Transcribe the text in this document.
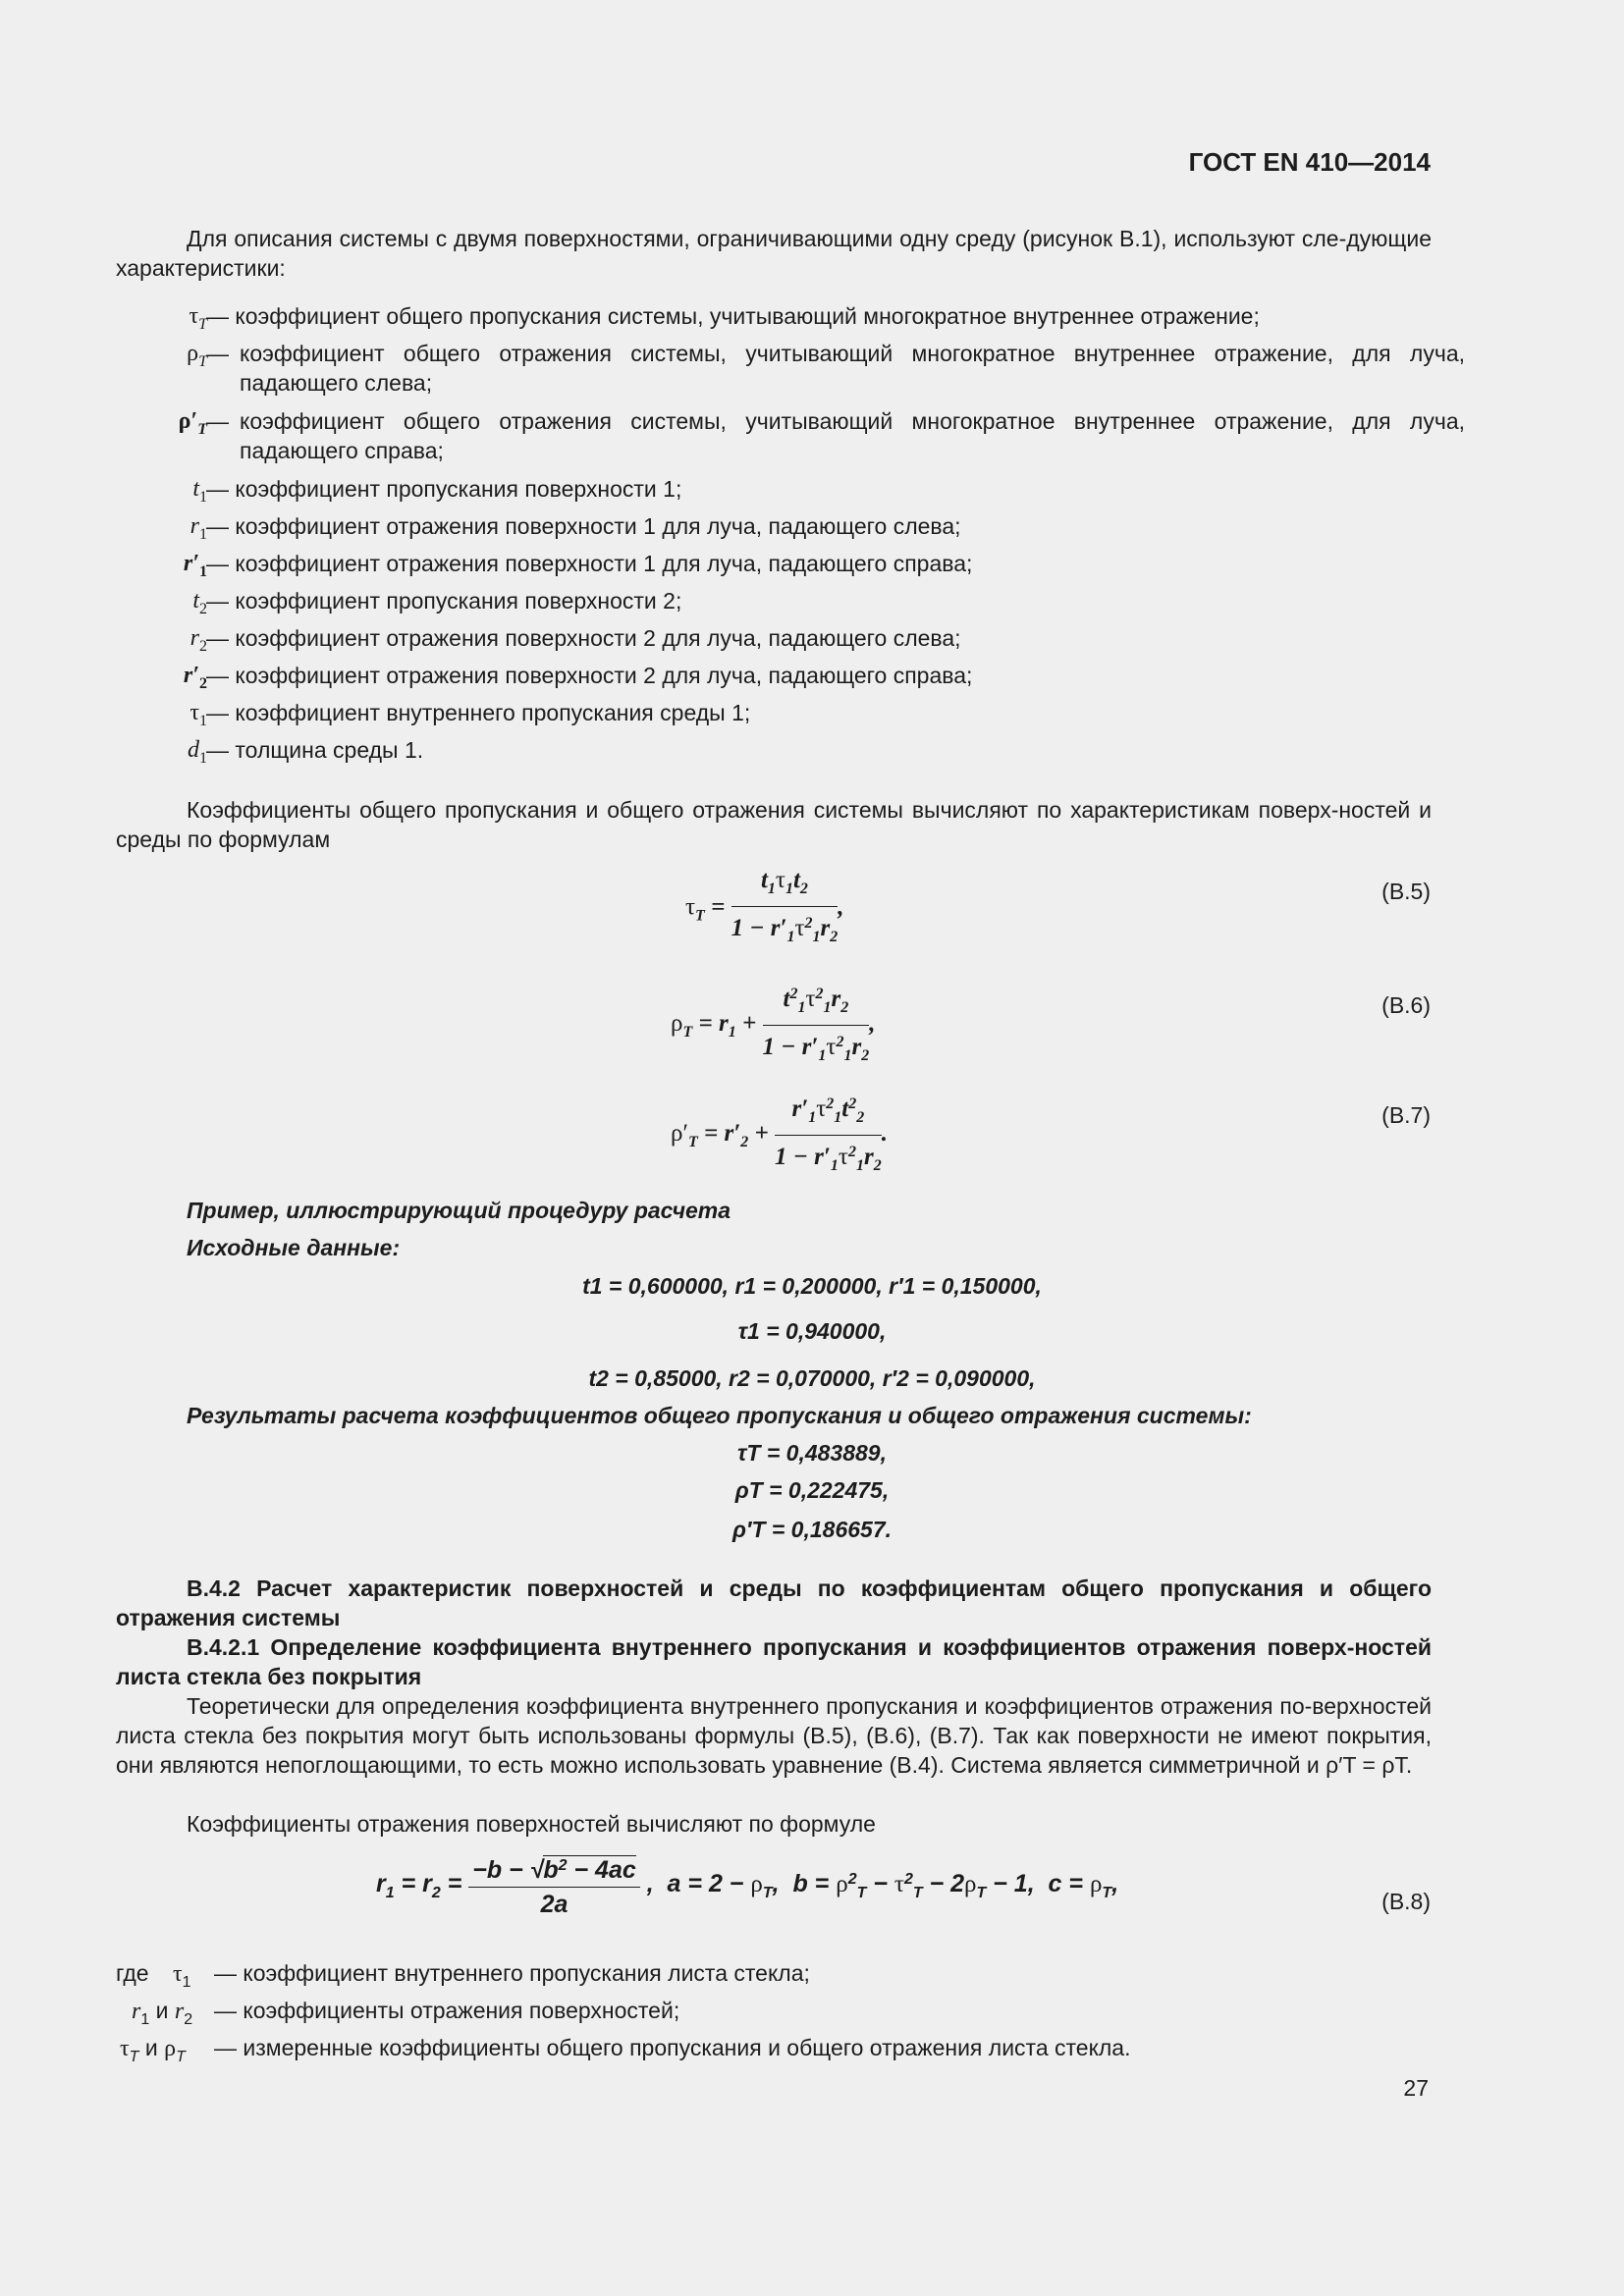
ГОСТ EN 410—2014
Для описания системы с двумя поверхностями, ограничивающими одну среду (рисунок В.1), используют сле-дующие характеристики:
$\tau_T$ — коэффициент общего пропускания системы, учитывающий многократное внутреннее отражение;
$\rho_T$ — коэффициент общего отражения системы, учитывающий многократное внутреннее отражение, для луча, падающего слева;
$\rho'_T$ — коэффициент общего отражения системы, учитывающий многократное внутреннее отражение, для луча, падающего справа;
$t_1$ — коэффициент пропускания поверхности 1;
$r_1$ — коэффициент отражения поверхности 1 для луча, падающего слева;
$r'_1$ — коэффициент отражения поверхности 1 для луча, падающего справа;
$t_2$ — коэффициент пропускания поверхности 2;
$r_2$ — коэффициент отражения поверхности 2 для луча, падающего слева;
$r'_2$ — коэффициент отражения поверхности 2 для луча, падающего справа;
$\tau_1$ — коэффициент внутреннего пропускания среды 1;
$d_1$ — толщина среды 1.
Коэффициенты общего пропускания и общего отражения системы вычисляют по характеристикам поверх-ностей и среды по формулам
$\tau_T = \frac{t_1\tau_1t_2}{1 - r'_1\tau^2_1r_2}$ ,
(В.5)
$\rho_T = r_1 + \frac{t^2_1\tau^2_1r_2}{1 - r'_1\tau^2_1r_2}$ ,
(В.6)
$\rho'_T = r'_2 + \frac{r'_1\tau^2_1t^2_2}{1 - r'_1\tau^2_1r_2}$ .
(В.7)
Пример, иллюстрирующий процедуру расчета
Исходные данные:
t1 = 0,600000, r1 = 0,200000, r′1 = 0,150000,
τ1 = 0,940000,
t2 = 0,85000, r2 = 0,070000, r′2 = 0,090000,
Результаты расчета коэффициентов общего пропускания и общего отражения системы:
τT = 0,483889,
ρT = 0,222475,
ρ′T = 0,186657.
В.4.2 Расчет характеристик поверхностей и среды по коэффициентам общего пропускания и общего отражения системы
В.4.2.1 Определение коэффициента внутреннего пропускания и коэффициентов отражения поверх-ностей листа стекла без покрытия
Теоретически для определения коэффициента внутреннего пропускания и коэффициентов отражения по-верхностей листа стекла без покрытия могут быть использованы формулы (В.5), (В.6), (В.7). Так как поверхности не имеют покрытия, они являются непоглощающими, то есть можно использовать уравнение (В.4). Система является симметричной и ρ′T = ρT.
Коэффициенты отражения поверхностей вычисляют по формуле
$r_1 = r_2 = \frac{-b - √b^2 - 4ac}{2a}$ ,  $a = 2 - \rho_T$,  $b = \rho^2_T - \tau^2_T - 2\rho_T - 1$,  $c = \rho_T$,
(В.8)
где $\tau_1$ — коэффициент внутреннего пропускания листа стекла;
$r_1$ и $r_2$ — коэффициенты отражения поверхностей;
$\tau_T$ и $\rho_T$ — измеренные коэффициенты общего пропускания и общего отражения листа стекла.
27
